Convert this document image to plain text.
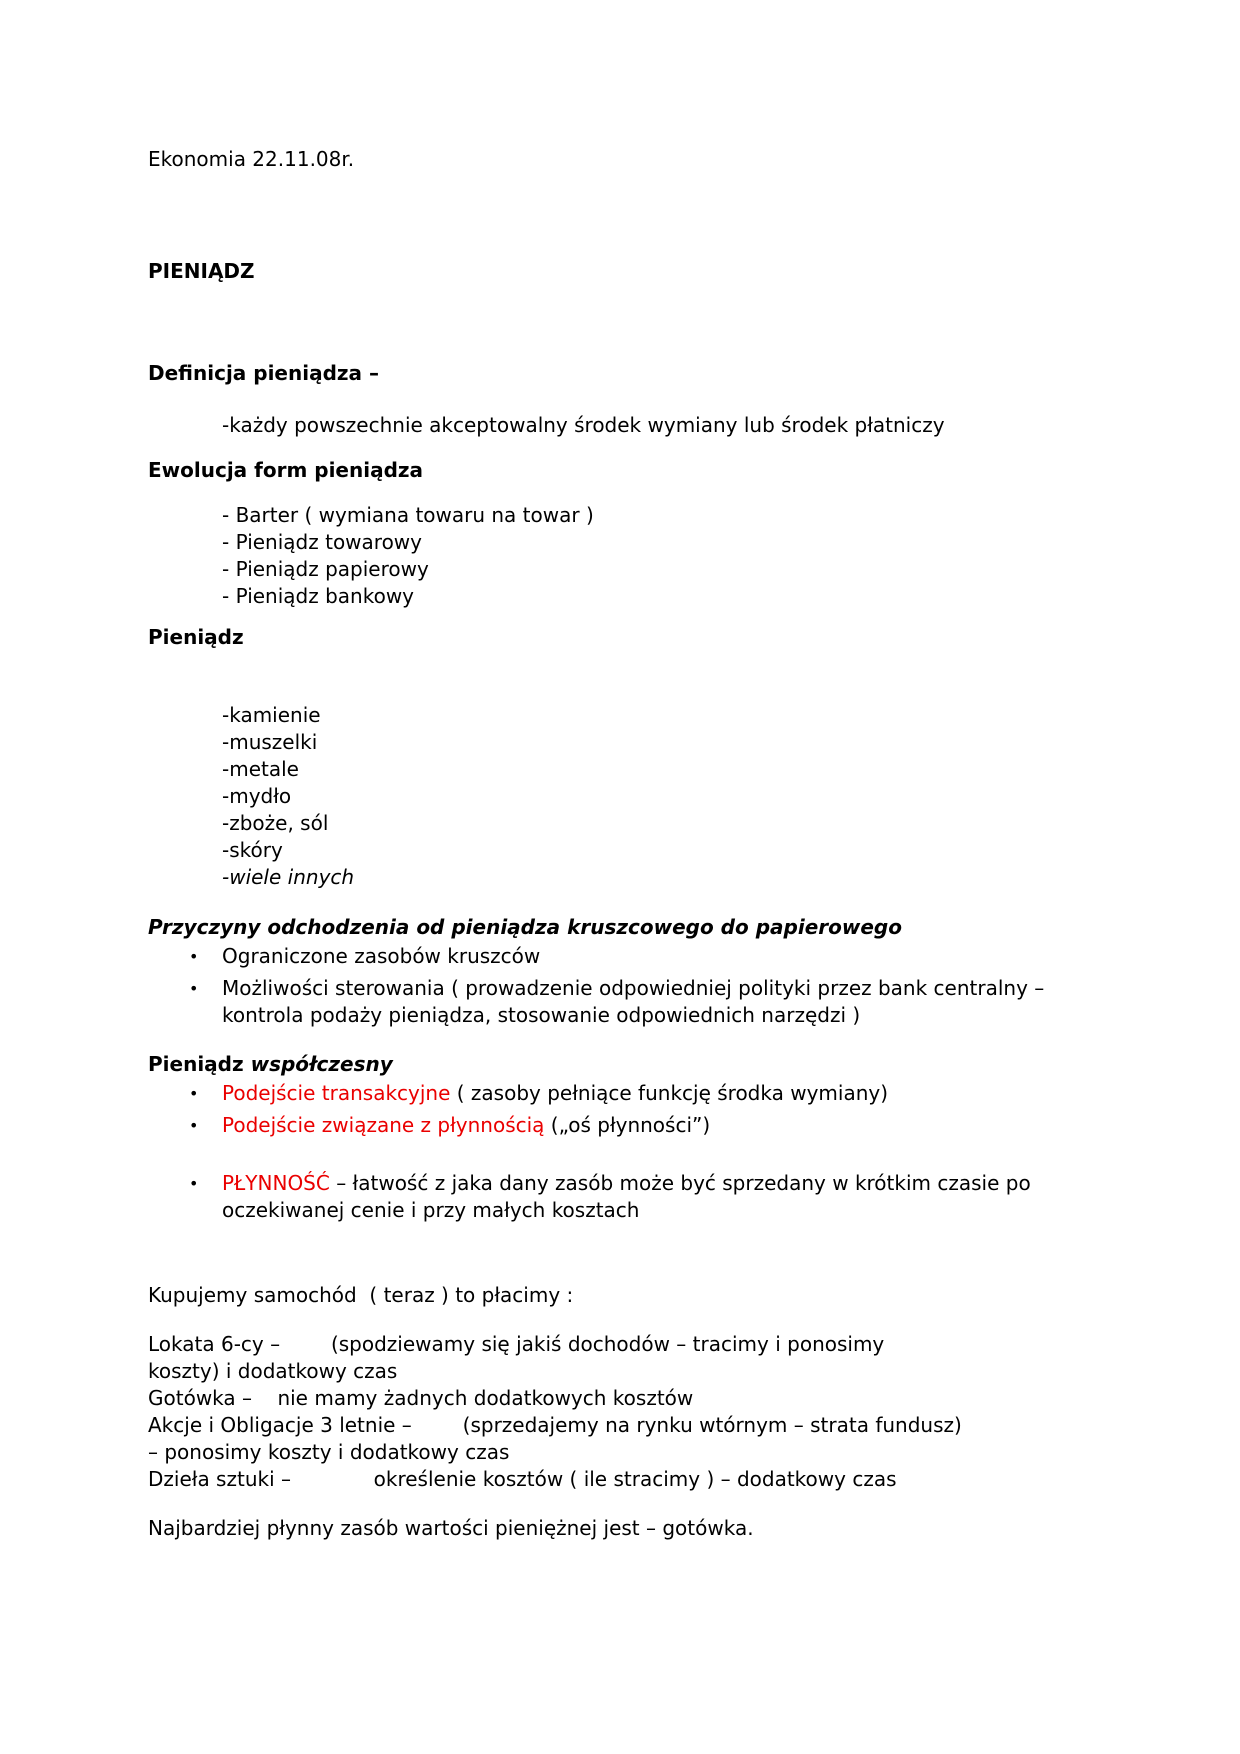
Ekonomia 22.11.08r.

PIENIĄDZ

Definicja pieniądza –

-każdy powszechnie akceptowalny środek wymiany lub środek płatniczy

Ewolucja form pieniądza

- Barter ( wymiana towaru na towar )

- Pieniądz towarowy

- Pieniądz papierowy

- Pieniądz bankowy

Pieniądz

-kamienie

-muszelki

-metale

-mydło

-zboże, sól

-skóry

-wiele innych

Przyczyny odchodzenia od pieniądza kruszcowego do papierowego

•	Ograniczone zasobów kruszców
•	Możliwości sterowania ( prowadzenie odpowiedniej polityki przez bank centralny – kontrola podaży pieniądza, stosowanie odpowiednich narzędzi )

Pieniądz współczesny

•	Podejście transakcyjne ( zasoby pełniące funkcję środka wymiany)
•	Podejście związane z płynnością („oś płynności”)
•	PŁYNNOŚĆ – łatwość z jaka dany zasób może być sprzedany w krótkim czasie po oczekiwanej cenie i przy małych kosztach

Kupujemy samochód  ( teraz ) to płacimy :

Lokata 6-cy –        (spodziewamy się jakiś dochodów – tracimy i ponosimy

koszty) i dodatkowy czas

Gotówka –    nie mamy żadnych dodatkowych kosztów

Akcje i Obligacje 3 letnie –        (sprzedajemy na rynku wtórnym – strata fundusz)

– ponosimy koszty i dodatkowy czas

Dzieła sztuki –             określenie kosztów ( ile stracimy ) – dodatkowy czas

Najbardziej płynny zasób wartości pieniężnej jest – gotówka.
